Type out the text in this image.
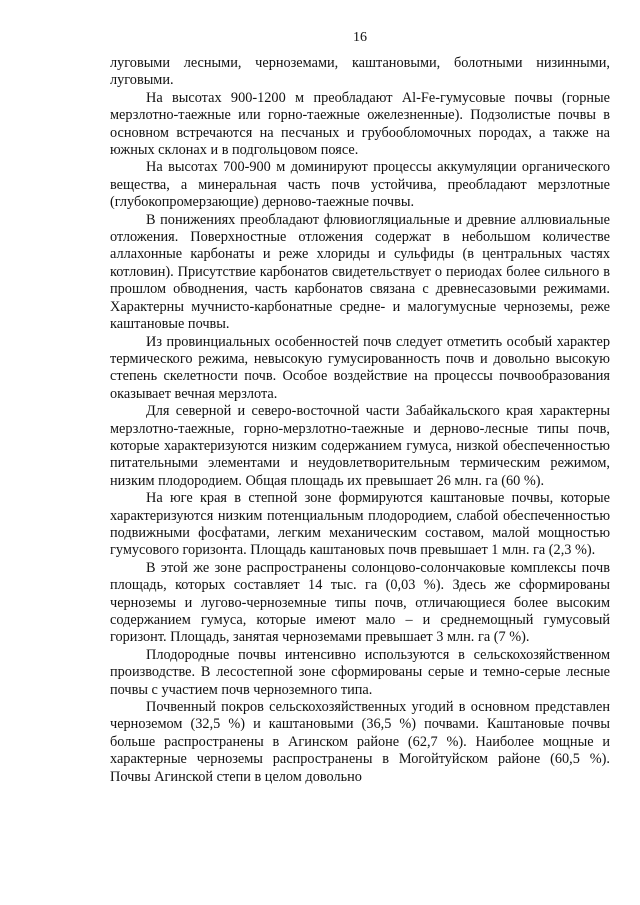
16

луговыми лесными, черноземами, каштановыми, болотными низинными, луговыми.

На высотах 900-1200 м преобладают Al-Fe-гумусовые почвы (горные мерзлотно-таежные или горно-таежные ожелезненные). Подзолистые почвы в основном встречаются на песчаных и грубообломочных породах, а также на южных склонах и в подгольцовом поясе.

На высотах 700-900 м доминируют процессы аккумуляции органического вещества, а минеральная часть почв устойчива, преобладают мерзлотные (глубокопромерзающие) дерново-таежные почвы.

В понижениях преобладают флювиогляциальные и древние аллювиальные отложения. Поверхностные отложения содержат в небольшом количестве аллахонные карбонаты и реже хлориды и сульфиды (в центральных частях котловин). Присутствие карбонатов свидетельствует о периодах более сильного в прошлом обводнения, часть карбонатов связана с древнесазовыми режимами. Характерны мучнисто-карбонатные средне- и малогумусные черноземы, реже каштановые почвы.

Из провинциальных особенностей почв следует отметить особый характер термического режима, невысокую гумусированность почв и довольно высокую степень скелетности почв. Особое воздействие на процессы почвообразования оказывает вечная мерзлота.

Для северной и северо-восточной части Забайкальского края характерны мерзлотно-таежные, горно-мерзлотно-таежные и дерново-лесные типы почв, которые характеризуются низким содержанием гумуса, низкой обеспеченностью питательными элементами и неудовлетворительным термическим режимом, низким плодородием. Общая площадь их превышает 26 млн. га (60 %).

На юге края в степной зоне формируются каштановые почвы, которые характеризуются низким потенциальным плодородием, слабой обеспеченностью подвижными фосфатами, легким механическим составом, малой мощностью гумусового горизонта. Площадь каштановых почв превышает 1 млн. га (2,3 %).

В этой же зоне распространены солонцово-солончаковые комплексы почв площадь, которых составляет 14 тыс. га (0,03 %). Здесь же сформированы черноземы и лугово-черноземные типы почв, отличающиеся более высоким содержанием гумуса, которые имеют мало – и среднемощный гумусовый горизонт. Площадь, занятая черноземами превышает 3 млн. га (7 %).

Плодородные почвы интенсивно используются в сельскохозяйственном производстве. В лесостепной зоне сформированы серые и темно-серые лесные почвы с участием почв черноземного типа.

Почвенный покров сельскохозяйственных угодий в основном представлен черноземом (32,5 %) и каштановыми (36,5 %) почвами. Каштановые почвы больше распространены в Агинском районе (62,7 %). Наиболее мощные и характерные черноземы распространены в Могойтуйском районе (60,5 %). Почвы Агинской степи в целом довольно
